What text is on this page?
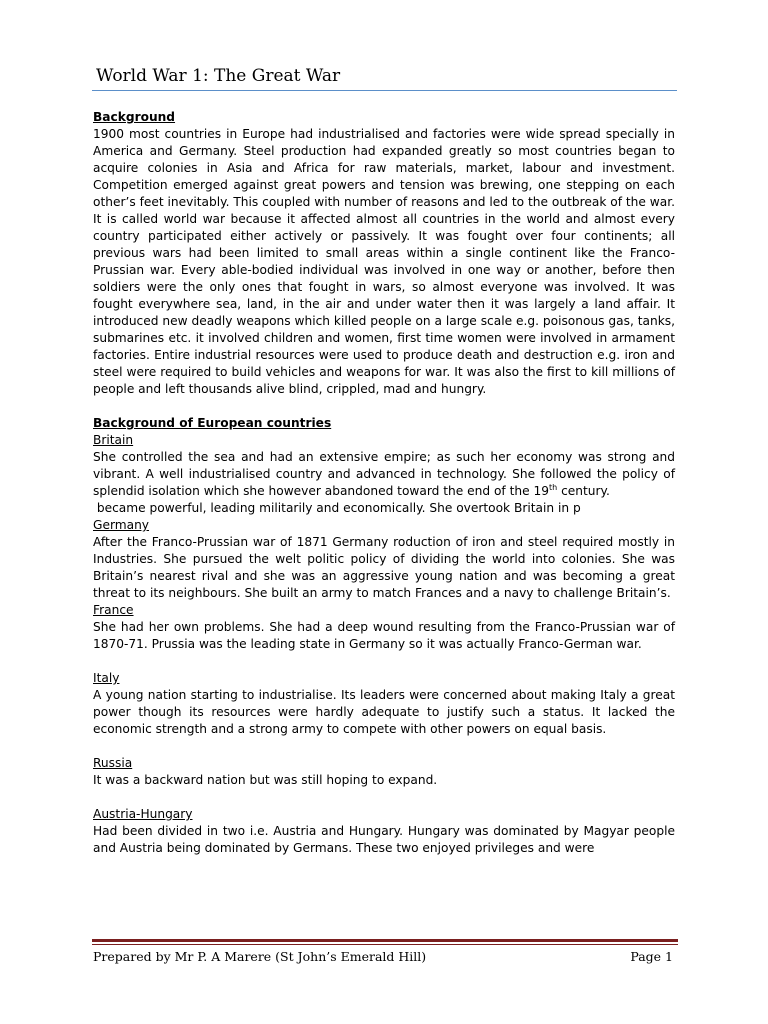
World War 1: The Great War

Background

1900 most countries in Europe had industrialised and factories were wide spread specially in America and Germany. Steel production had expanded greatly so most countries began to acquire colonies in Asia and Africa for raw materials, market, labour and investment. Competition emerged against great powers and tension was brewing, one stepping on each other’s feet inevitably. This coupled with number of reasons and led to the outbreak of the war. It is called world war because it affected almost all countries in the world and almost every country participated either actively or passively. It was fought over four continents; all previous wars had been limited to small areas within a single continent like the Franco- Prussian war. Every able-bodied individual was involved in one way or another, before then soldiers were the only ones that fought in wars, so almost everyone was involved. It was fought everywhere sea, land, in the air and under water then it was largely a land affair. It introduced new deadly weapons which killed people on a large scale e.g. poisonous gas, tanks, submarines etc. it involved children and women, first time women were involved in armament factories. Entire industrial resources were used to produce death and destruction e.g. iron and steel were required to build vehicles and weapons for war. It was also the first to kill millions of people and left thousands alive blind, crippled, mad and hungry.

Background of European countries

Britain

She controlled the sea and had an extensive empire; as such her economy was strong and vibrant. A well industrialised country and advanced in technology. She followed the policy of splendid isolation which she however abandoned toward the end of the 19th century.

became powerful, leading militarily and economically. She overtook Britain in p

Germany

After the Franco-Prussian war of 1871 Germany roduction of iron and steel required mostly in Industries. She pursued the welt politic policy of dividing the world into colonies. She was Britain’s nearest rival and she was an aggressive young nation and was becoming a great threat to its neighbours. She built an army to match Frances and a navy to challenge Britain’s.

France

She had her own problems. She had a deep wound resulting from the Franco-Prussian war of 1870-71. Prussia was the leading state in Germany so it was actually Franco-German war.

Italy

A young nation starting to industrialise. Its leaders were concerned about making Italy a great power though its resources were hardly adequate to justify such a status. It lacked the economic strength and a strong army to compete with other powers on equal basis.

Russia

It was a backward nation but was still hoping to expand.

Austria-Hungary

Had been divided in two i.e. Austria and Hungary. Hungary was dominated by Magyar people and Austria being dominated by Germans. These two enjoyed privileges and were

Prepared by Mr P. A Marere (St John’s Emerald Hill)	Page 1
